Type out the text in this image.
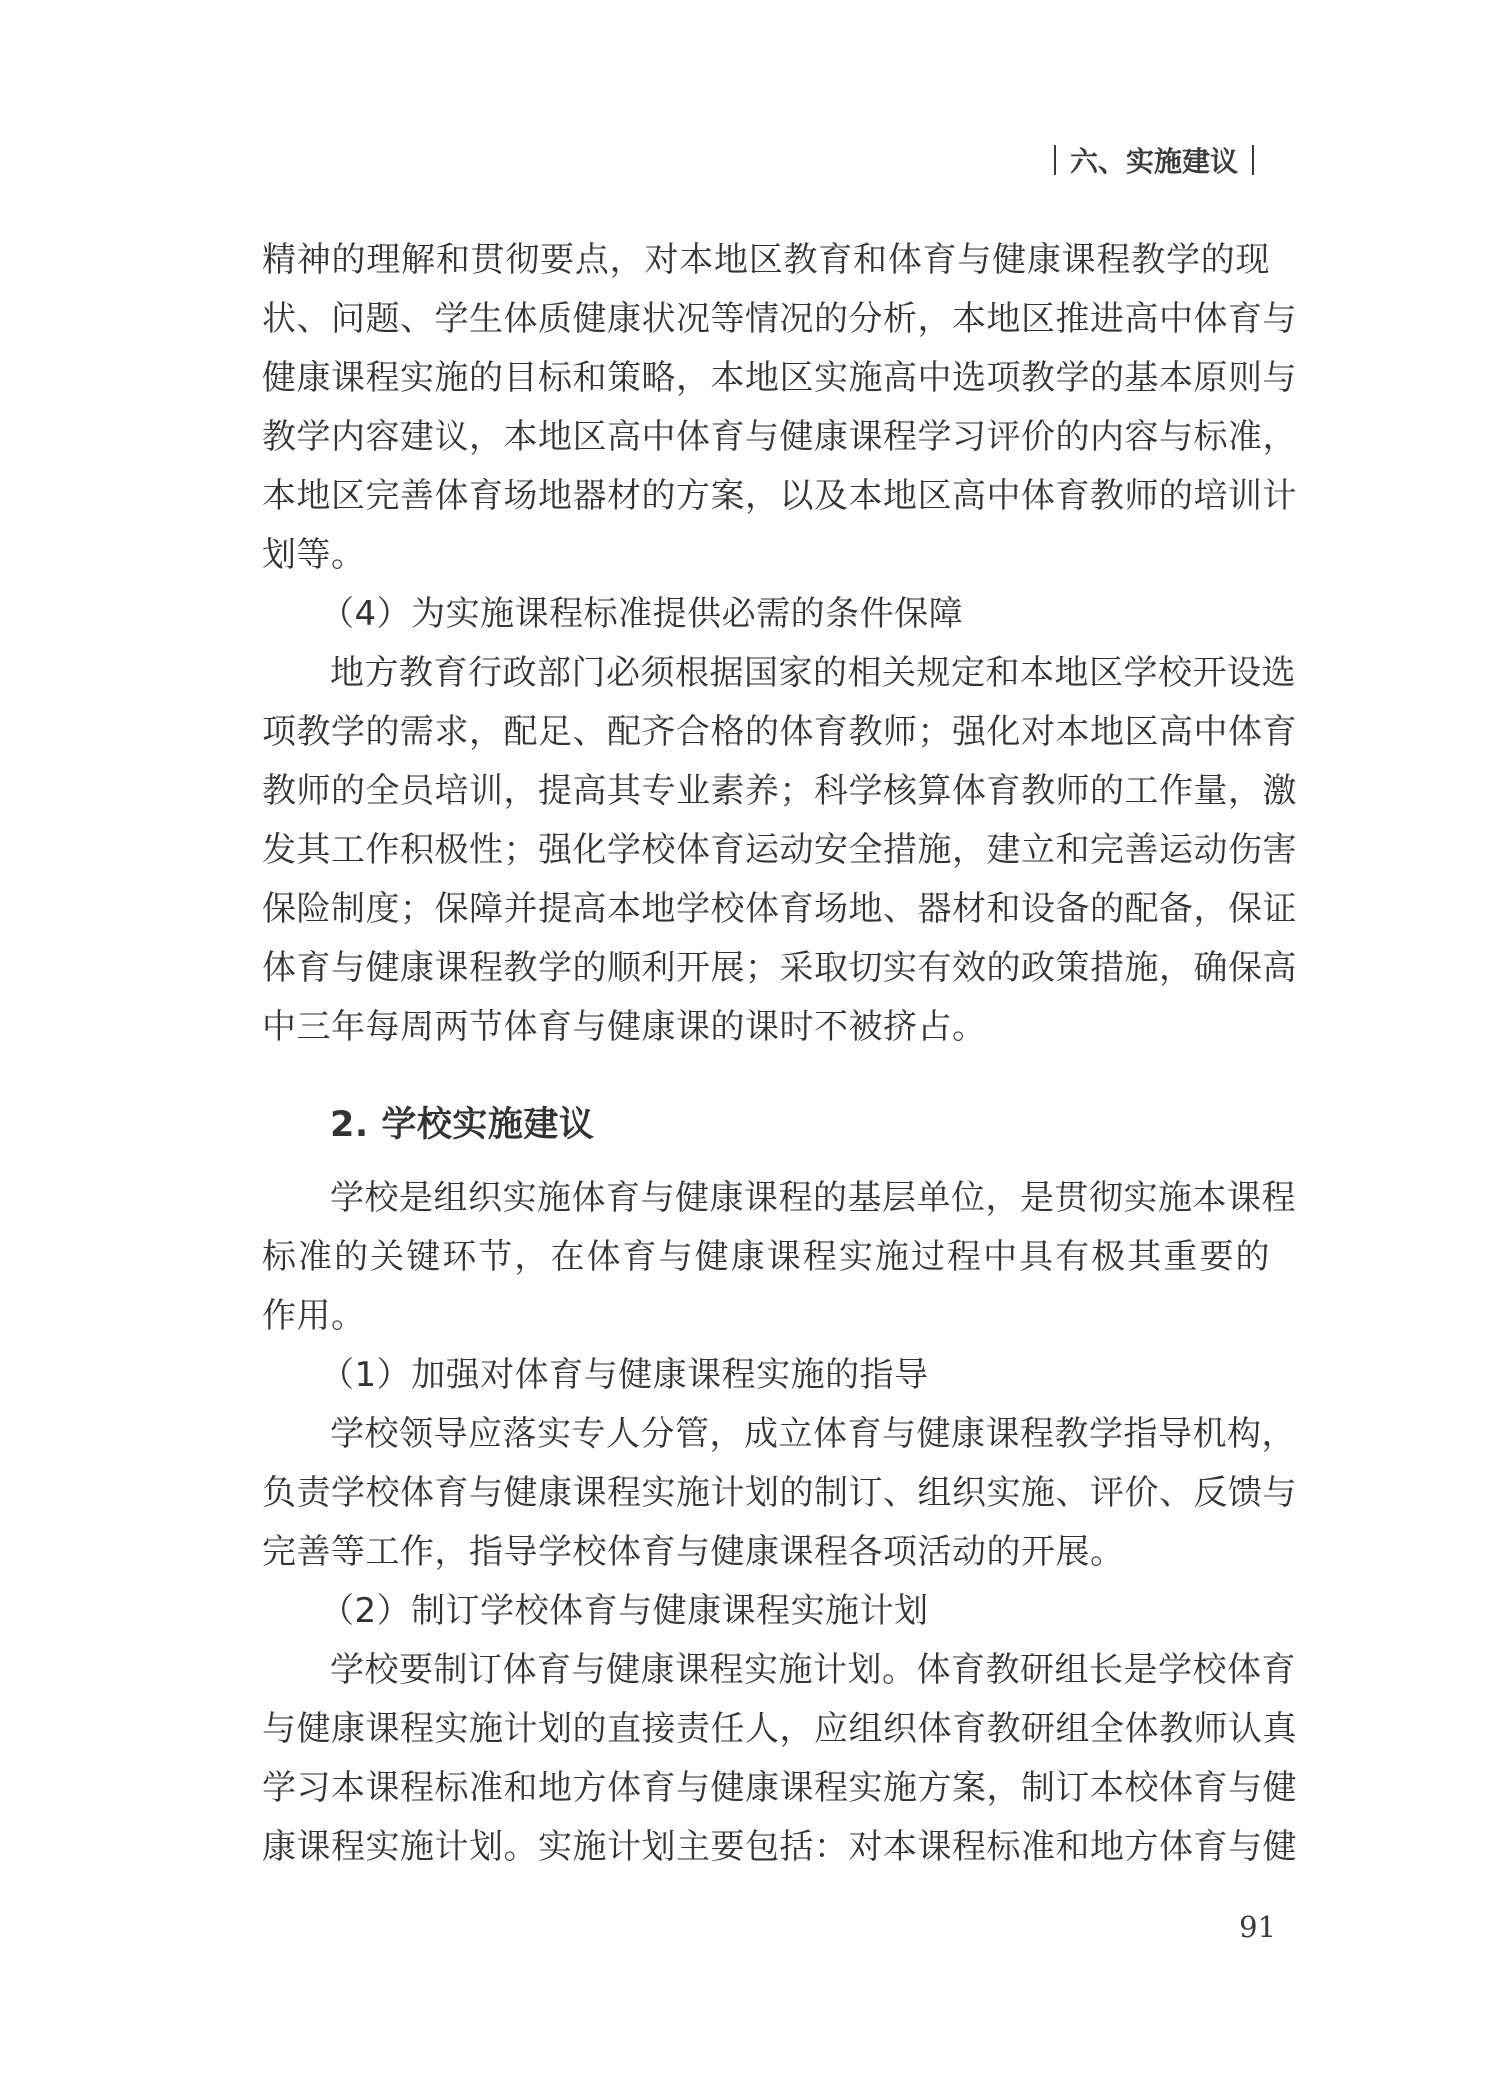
六、实施建议
精神的理解和贯彻要点，对本地区教育和体育与健康课程教学的现
状、问题、学生体质健康状况等情况的分析，本地区推进高中体育与
健康课程实施的目标和策略，本地区实施高中选项教学的基本原则与
教学内容建议，本地区高中体育与健康课程学习评价的内容与标准，
本地区完善体育场地器材的方案，以及本地区高中体育教师的培训计
划等。
（4）为实施课程标准提供必需的条件保障
地方教育行政部门必须根据国家的相关规定和本地区学校开设选
项教学的需求，配足、配齐合格的体育教师；强化对本地区高中体育
教师的全员培训，提高其专业素养；科学核算体育教师的工作量，激
发其工作积极性；强化学校体育运动安全措施，建立和完善运动伤害
保险制度；保障并提高本地学校体育场地、器材和设备的配备，保证
体育与健康课程教学的顺利开展；采取切实有效的政策措施，确保高
中三年每周两节体育与健康课的课时不被挤占。
2. 学校实施建议
学校是组织实施体育与健康课程的基层单位，是贯彻实施本课程
标准的关键环节，在体育与健康课程实施过程中具有极其重要的
作用。
（1）加强对体育与健康课程实施的指导
学校领导应落实专人分管，成立体育与健康课程教学指导机构，
负责学校体育与健康课程实施计划的制订、组织实施、评价、反馈与
完善等工作，指导学校体育与健康课程各项活动的开展。
（2）制订学校体育与健康课程实施计划
学校要制订体育与健康课程实施计划。体育教研组长是学校体育
与健康课程实施计划的直接责任人，应组织体育教研组全体教师认真
学习本课程标准和地方体育与健康课程实施方案，制订本校体育与健
康课程实施计划。实施计划主要包括：对本课程标准和地方体育与健
91
